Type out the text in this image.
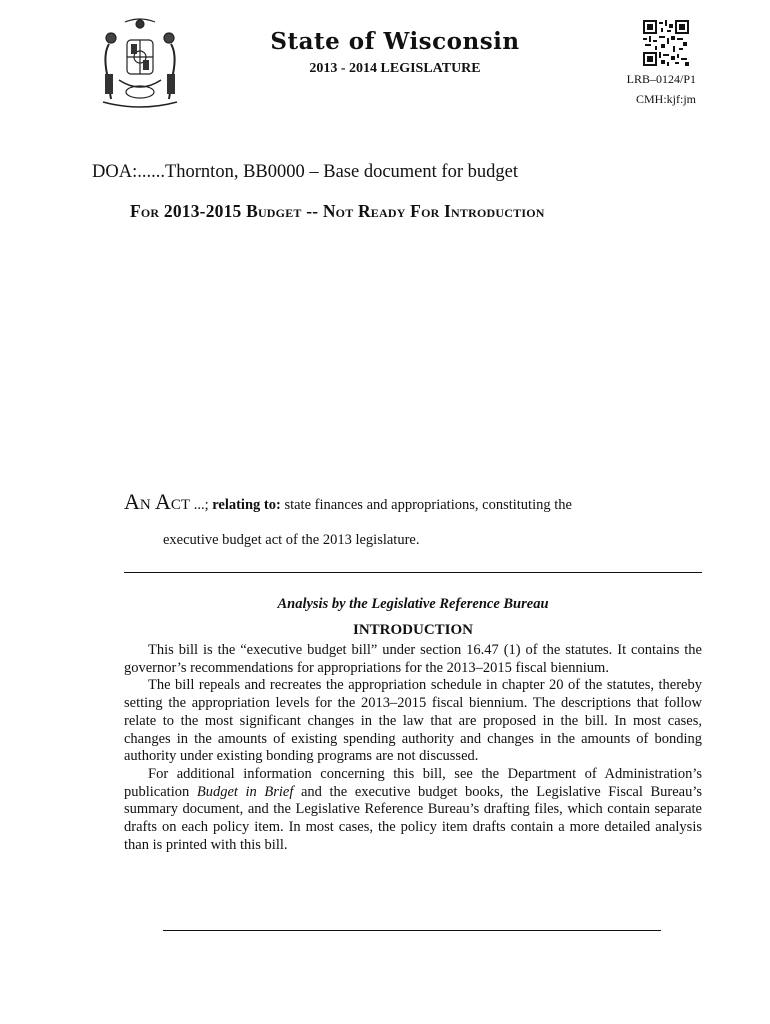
State of Wisconsin
2013 - 2014 LEGISLATURE
LRB–0124/P1
CMH:kjf:jm
DOA:......Thornton, BB0000 – Base document for budget
For 2013-2015 Budget -- Not Ready For Introduction
An Act ...; relating to: state finances and appropriations, constituting the
executive budget act of the 2013 legislature.
Analysis by the Legislative Reference Bureau
INTRODUCTION

This bill is the “executive budget bill” under section 16.47 (1) of the statutes. It contains the governor’s recommendations for appropriations for the 2013–2015 fiscal biennium.

The bill repeals and recreates the appropriation schedule in chapter 20 of the statutes, thereby setting the appropriation levels for the 2013–2015 fiscal biennium. The descriptions that follow relate to the most significant changes in the law that are proposed in the bill. In most cases, changes in the amounts of existing spending authority and changes in the amounts of bonding authority under existing bonding programs are not discussed.

For additional information concerning this bill, see the Department of Administration’s publication Budget in Brief and the executive budget books, the Legislative Fiscal Bureau’s summary document, and the Legislative Reference Bureau’s drafting files, which contain separate drafts on each policy item. In most cases, the policy item drafts contain a more detailed analysis than is printed with this bill.
